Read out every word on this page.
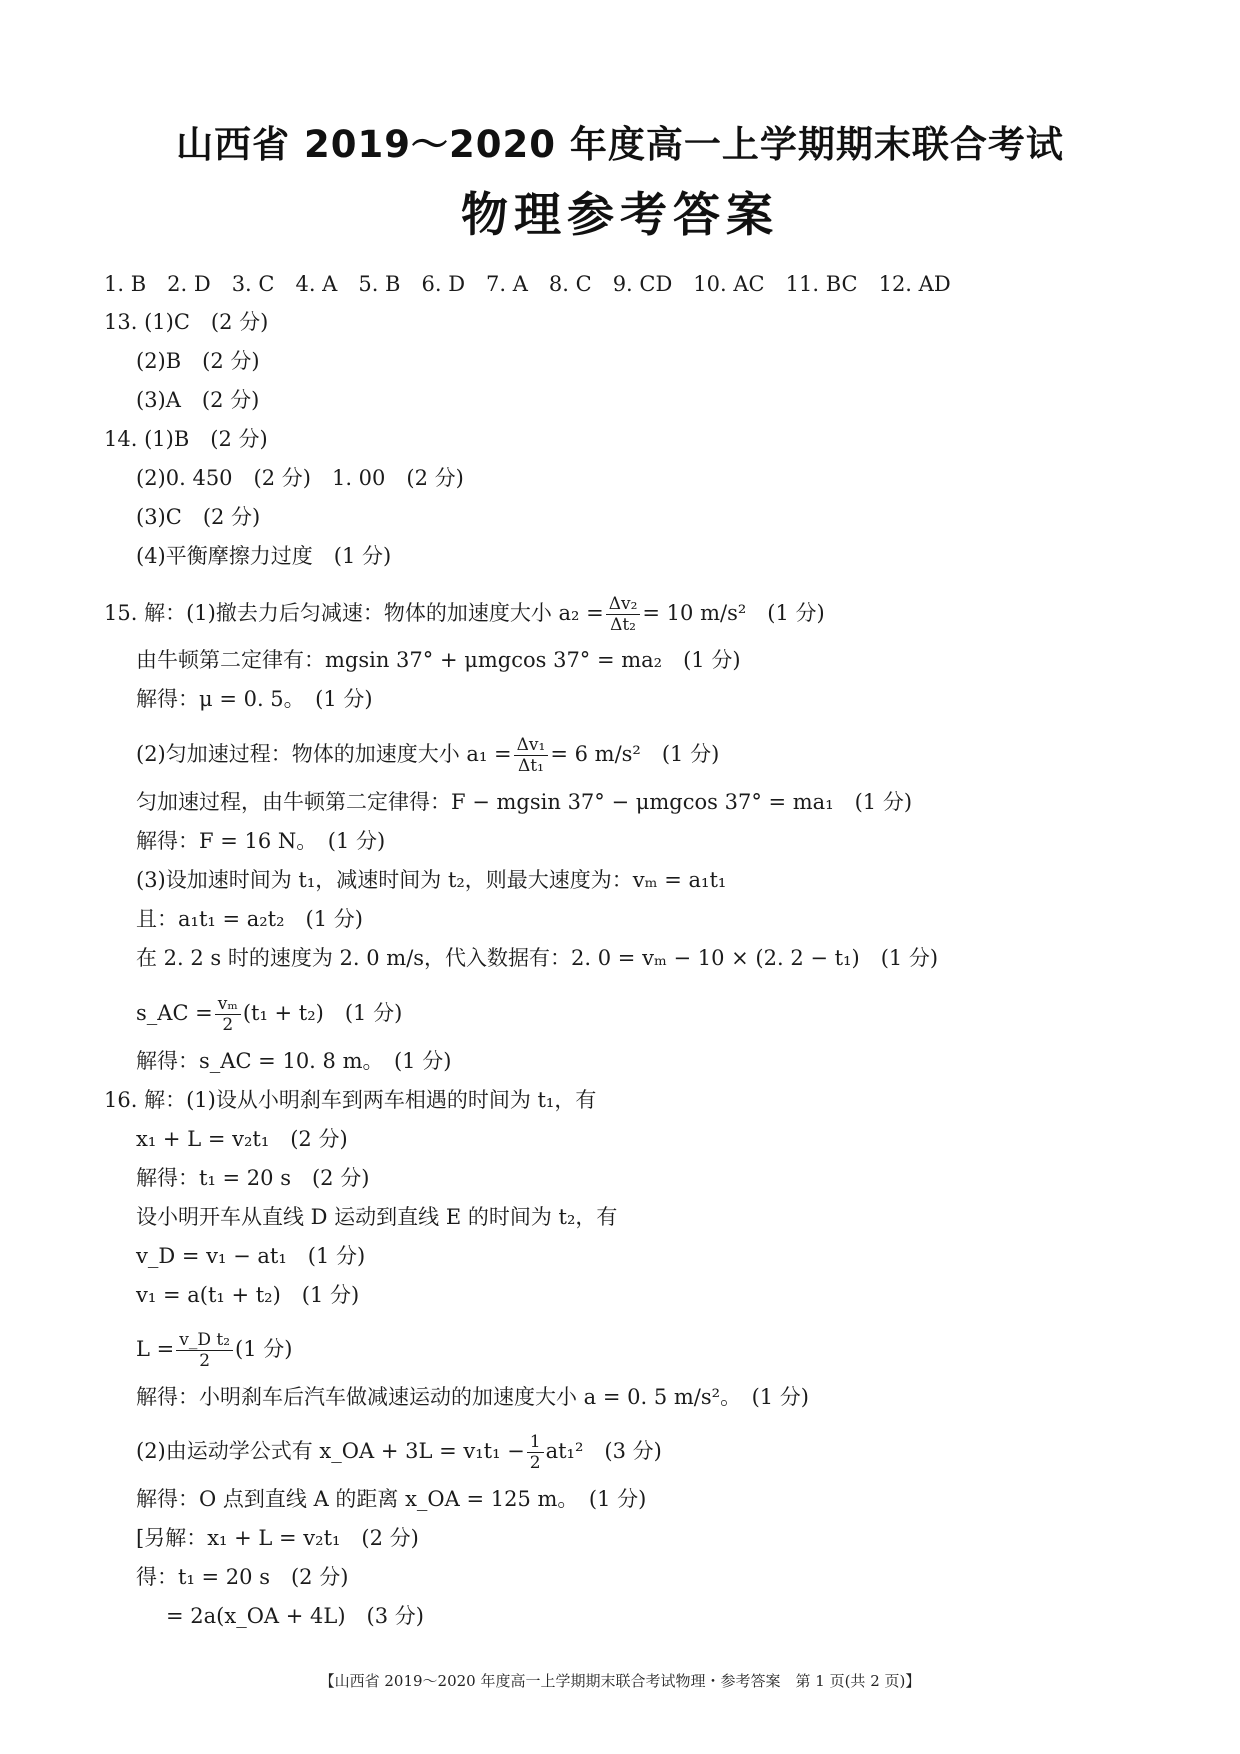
山西省 2019～2020 年度高一上学期期末联合考试
物理参考答案
1. B　2. D　3. C　4. A　5. B　6. D　7. A　8. C　9. CD　10. AC　11. BC　12. AD
13. (1)C　(2 分)
(2)B　(2 分)
(3)A　(2 分)
14. (1)B　(2 分)
(2)0. 450　(2 分)　1. 00　(2 分)
(3)C　(2 分)
(4)平衡摩擦力过度　(1 分)
15. 解：(1)撤去力后匀减速：物体的加速度大小 $a_2 = \frac{\text{Δv₂}}{\text{Δt₂}} = 10$ m/s²　(1 分)
由牛顿第二定律有：mgsin 37° + μmgcos 37° = ma₂　(1 分)
解得：μ = 0. 5。　(1 分)
(2)匀加速过程：物体的加速度大小 $a_1 = \frac{\text{Δv₁}}{\text{Δt₁}} = 6$ m/s²　(1 分)
匀加速过程，由牛顿第二定律得：F − mgsin 37° − μmgcos 37° = ma₁　(1 分)
解得：F = 16 N。　(1 分)
(3)设加速时间为 t₁，减速时间为 t₂，则最大速度为：vₘ = a₁t₁
且：a₁t₁ = a₂t₂　(1 分)
在 2. 2 s 时的速度为 2. 0 m/s，代入数据有：2. 0 = vₘ − 10 × (2. 2 − t₁)　(1 分)
s_AC = $\frac{\text{vₘ}}{2} (t_1 + t_2)$　(1 分)
解得：s_AC = 10. 8 m。　(1 分)
16. 解：(1)设从小明刹车到两车相遇的时间为 t₁，有
x₁ + L = v₂t₁　(2 分)
解得：t₁ = 20 s　(2 分)
设小明开车从直线 D 运动到直线 E 的时间为 t₂，有
v_D = v₁ − at₁　(1 分)
v₁ = a(t₁ + t₂)　(1 分)
$L = \frac{\text{v\_D t₂}}{2} (1$ 分)
解得：小明刹车后汽车做减速运动的加速度大小 a = 0. 5 m/s²。　(1 分)
(2)由运动学公式有 x_OA + $3L = v_1t_1 - \frac{1}{2} at_1^2$　(3 分)
解得：O 点到直线 A 的距离 x_OA = 125 m。　(1 分)
[另解：x₁ + L = v₂t₁　(2 分)
得：t₁ = 20 s　(2 分)
= 2a(x_OA + 4L)　(3 分)
【山西省 2019～2020 年度高一上学期期末联合考试物理・参考答案　第 1 页(共 2 页)】
